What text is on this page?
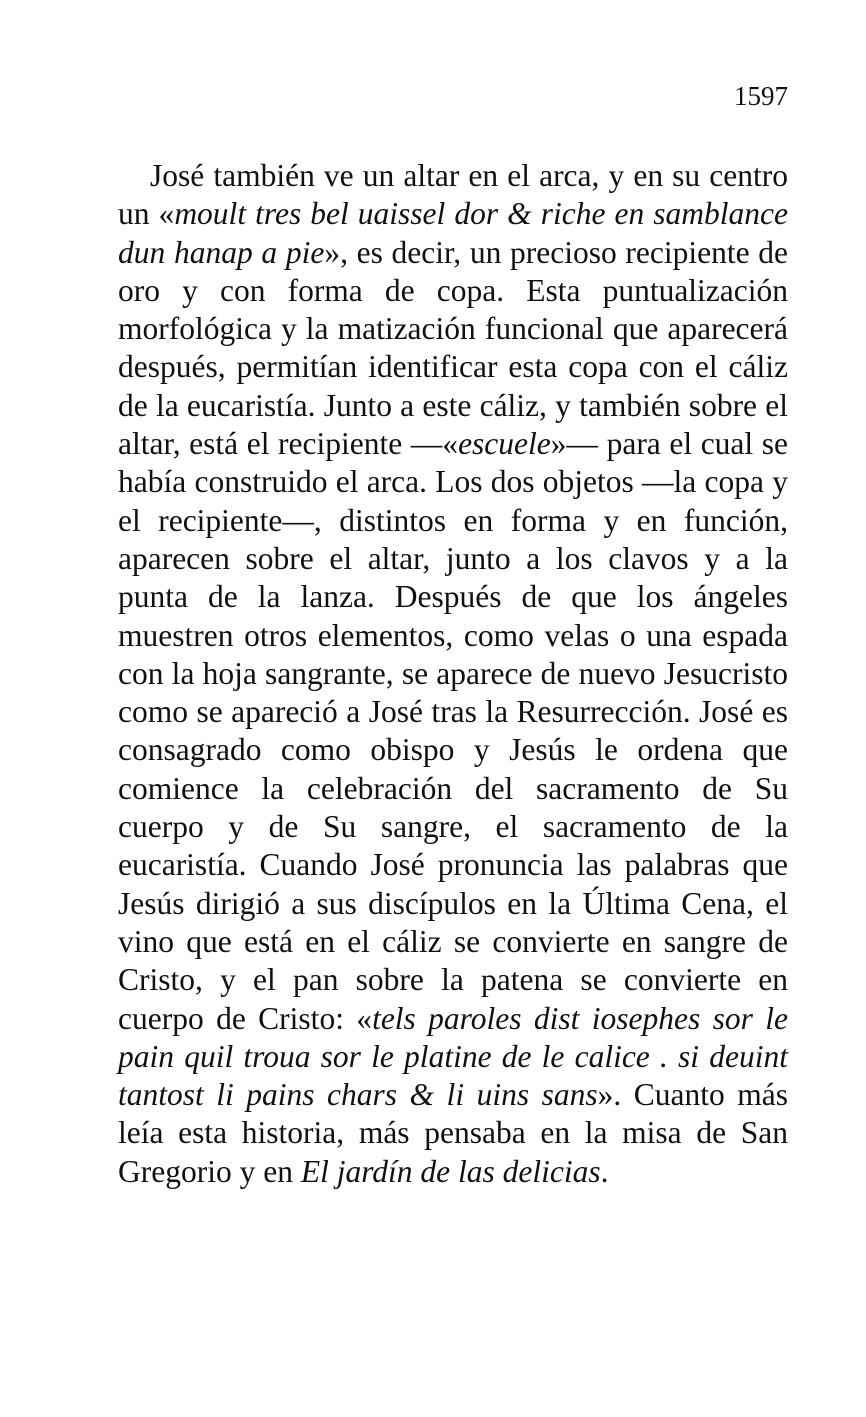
1597

José también ve un altar en el arca, y en su centro un «moult tres bel uaissel dor & riche en samblance dun hanap a pie», es decir, un precioso recipiente de oro y con forma de copa. Esta puntualización morfológica y la matización funcional que aparecerá después, permitían identificar esta copa con el cáliz de la eucaristía. Junto a este cáliz, y también sobre el altar, está el recipiente —«escuele»— para el cual se había construido el arca. Los dos objetos —la copa y el recipiente—, distintos en forma y en función, aparecen sobre el altar, junto a los clavos y a la punta de la lanza. Después de que los ángeles muestren otros elementos, como velas o una espada con la hoja sangrante, se aparece de nuevo Jesucristo como se apareció a José tras la Resurrección. José es consagrado como obispo y Jesús le ordena que comience la celebración del sacramento de Su cuerpo y de Su sangre, el sacramento de la eucaristía. Cuando José pronuncia las palabras que Jesús dirigió a sus discípulos en la Última Cena, el vino que está en el cáliz se convierte en sangre de Cristo, y el pan sobre la patena se convierte en cuerpo de Cristo: «tels paroles dist iosephes sor le pain quil troua sor le platine de le calice . si deuint tantost li pains chars & li uins sans». Cuanto más leía esta historia, más pensaba en la misa de San Gregorio y en El jardín de las delicias.
